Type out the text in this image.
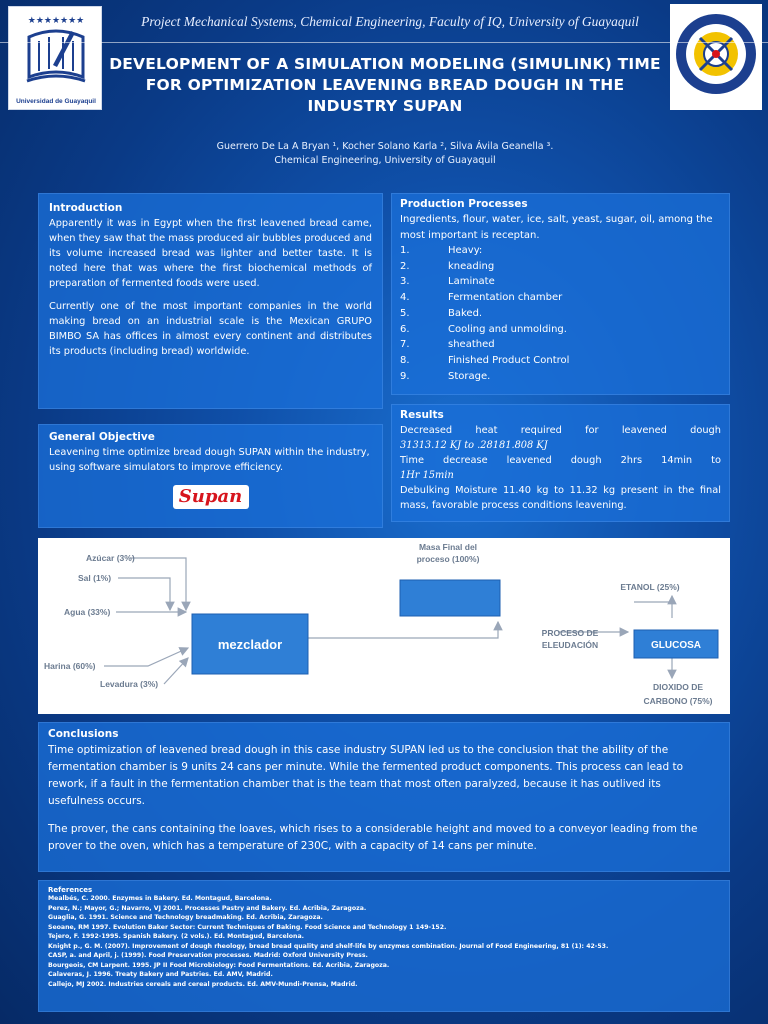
★★★★★★★
Universidad de Guayaquil
Project Mechanical Systems, Chemical Engineering, Faculty of IQ, University of Guayaquil
DEVELOPMENT OF A SIMULATION MODELING (SIMULINK) TIME FOR OPTIMIZATION LEAVENING BREAD DOUGH IN THE INDUSTRY SUPAN
Guerrero De La A Bryan ¹, Kocher Solano Karla ², Silva Ávila Geanella ³.
Chemical Engineering, University of Guayaquil
Introduction

Apparently it was in Egypt when the first leavened bread came, when they saw that the mass produced air bubbles produced and its volume increased bread was lighter and better taste. It is noted here that was where the first biochemical methods of preparation of fermented foods were used.

Currently one of the most important companies in the world making bread on an industrial scale is the Mexican GRUPO BIMBO SA has offices in almost every continent and distributes its products (including bread) worldwide.

General Objective

Leavening time optimize bread dough SUPAN within the industry, using software simulators to improve efficiency.

Supan
Production Processes

Ingredients, flour, water, ice, salt, yeast, sugar, oil, among the most important is receptan.

1.	Heavy:
2.	kneading
3.	Laminate
4.	Fermentation chamber
5.	Baked.
6.	Cooling and unmolding.
7.	sheathed
8.	Finished Product Control
9.	Storage.
Results

Decreased heat required for leavened dough

31313.12 KJ to .28181.808 KJ

Time decrease leavened dough 2hrs 14min to

1Hr 15min

Debulking Moisture 11.40 kg to 11.32 kg present in the final mass, favorable process conditions leavening.

Azúcar (3%)
Sal (1%)
Agua (33%)
Harina (60%)
Levadura (3%)
mezclador
Masa Final del
proceso (100%)
PROCESO DE
ELEUDACIÓN	GLUCOSA
ETANOL (25%)
DIOXIDO DE
CARBONO (75%)
Conclusions

Time optimization of leavened bread dough in this case industry SUPAN led us to the conclusion that the ability of the fermentation chamber is 9 units 24 cans per minute. While the fermented product components. This process can lead to rework, if a fault in the fermentation chamber that is the team that most often paralyzed, because it has outlived its usefulness occurs.

The prover, the cans containing the loaves, which rises to a considerable height and moved to a conveyor leading from the prover to the oven, which has a temperature of 230C, with a capacity of 14 cans per minute.

References
Mealbés, C. 2000. Enzymes in Bakery. Ed. Montagud, Barcelona.
Perez, N.; Mayor, G.; Navarro, VJ 2001. Processes Pastry and Bakery. Ed. Acribia, Zaragoza.
Guaglia, G. 1991. Science and Technology breadmaking. Ed. Acribia, Zaragoza.
Seoane, RM 1997. Evolution Baker Sector: Current Techniques of Baking. Food Science and Technology 1 149-152.
Tejero, F. 1992-1995. Spanish Bakery. (2 vols.). Ed. Montagud, Barcelona.
Knight p., G. M. (2007). Improvement of dough rheology, bread bread quality and shelf-life by enzymes combination. Journal of Food Engineering, 81 (1): 42-53.
CASP, a. and April, j. (1999). Food Preservation processes. Madrid: Oxford University Press.
Bourgeois, CM Larpent. 1995. JP II Food Microbiology: Food Fermentations. Ed. Acribia, Zaragoza.
Calaveras, J. 1996. Treaty Bakery and Pastries. Ed. AMV, Madrid.
Callejo, MJ 2002. Industries cereals and cereal products. Ed. AMV-Mundi-Prensa, Madrid.
